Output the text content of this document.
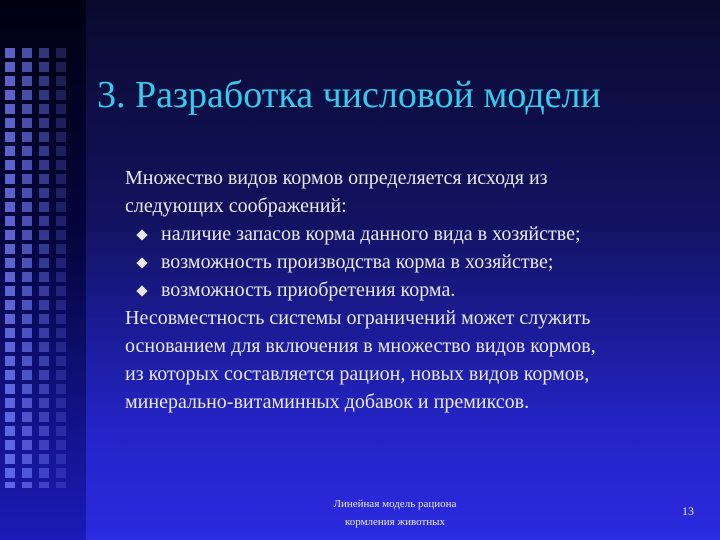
3. Разработка числовой модели

Множество видов кормов определяется исходя из
следующих соображений:

наличие запасов корма данного вида в хозяйстве;
возможность производства корма в хозяйстве;
возможность приобретения корма.

Несовместность системы ограничений может служить
основанием для включения в множество видов кормов,
из которых составляется рацион, новых видов кормов,
минерально-витаминных добавок и премиксов.

Линейная модель рациона
кормления животных
13
